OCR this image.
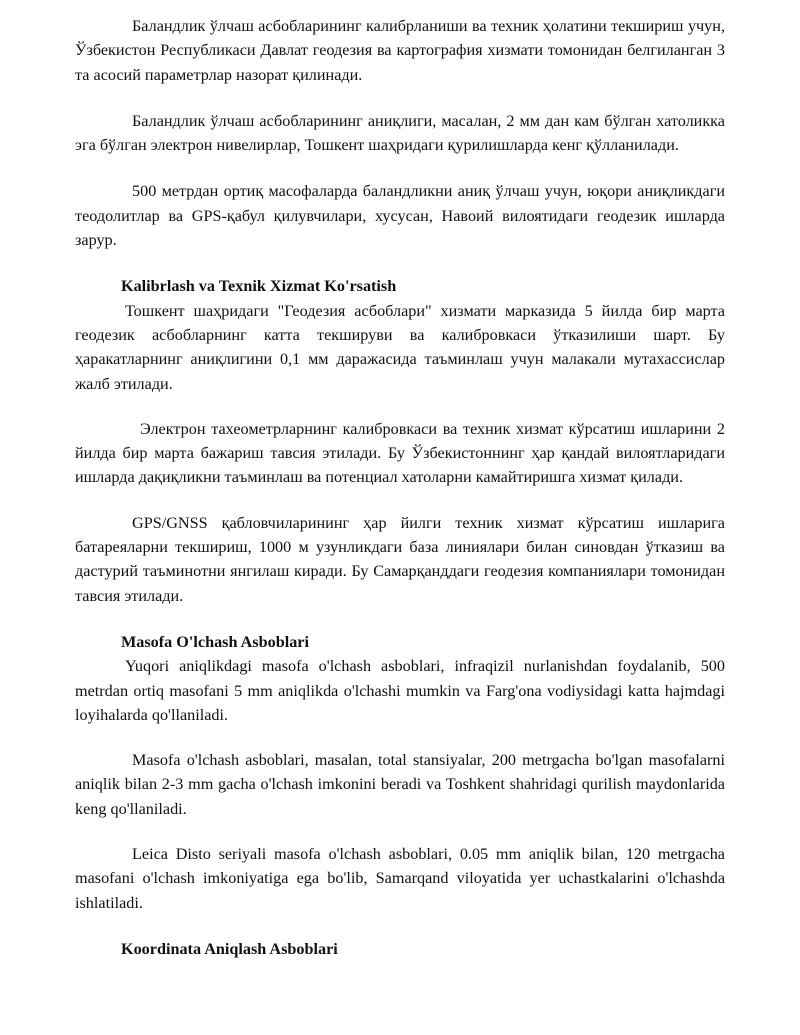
Баландлик ўлчаш асбобларининг калибрланиши ва техник ҳолатини текшириш учун, Ўзбекистон Республикаси Давлат геодезия ва картография хизмати томонидан белгиланган 3 та асосий параметрлар назорат қилинади.

Баландлик ўлчаш асбобларининг аниқлиги, масалан, 2 мм дан кам бўлган хатоликка эга бўлган электрон нивелирлар, Тошкент шаҳридаги қурилишларда кенг қўлланилади.

500 метрдан ортиқ масофаларда баландликни аниқ ўлчаш учун, юқори аниқликдаги теодолитлар ва GPS-қабул қилувчилари, хусусан, Навоий вилоятидаги геодезик ишларда зарур.

Kalibrlash va Texnik Xizmat Ko'rsatish

Тошкент шаҳридаги "Геодезия асбоблари" хизмати марказида 5 йилда бир марта геодезик асбобларнинг катта текшируви ва калибровкаси ўтказилиши шарт. Бу ҳаракатларнинг аниқлигини 0,1 мм даражасида таъминлаш учун малакали мутахассислар жалб этилади.

Электрон тахеометрларнинг калибровкаси ва техник хизмат кўрсатиш ишларини 2 йилда бир марта бажариш тавсия этилади. Бу Ўзбекистоннинг ҳар қандай вилоятларидаги ишларда дақиқликни таъминлаш ва потенциал хатоларни камайтиришга хизмат қилади.

GPS/GNSS қабловчиларининг ҳар йилги техник хизмат кўрсатиш ишларига батареяларни текшириш, 1000 м узунликдаги база линиялари билан синовдан ўтказиш ва дастурий таъминотни янгилаш киради. Бу Самарқанддаги геодезия компаниялари томонидан тавсия этилади.

Masofa O'lchash Asboblari

Yuqori aniqlikdagi masofa o'lchash asboblari, infraqizil nurlanishdan foydalanib, 500 metrdan ortiq masofani 5 mm aniqlikda o'lchashi mumkin va Farg'ona vodiysidagi katta hajmdagi loyihalarda qo'llaniladi.

Masofa o'lchash asboblari, masalan, total stansiyalar, 200 metrgacha bo'lgan masofalarni aniqlik bilan 2-3 mm gacha o'lchash imkonini beradi va Toshkent shahridagi qurilish maydonlarida keng qo'llaniladi.

Leica Disto seriyali masofa o'lchash asboblari, 0.05 mm aniqlik bilan, 120 metrgacha masofani o'lchash imkoniyatiga ega bo'lib, Samarqand viloyatida yer uchastkalarini o'lchashda ishlatiladi.

Koordinata Aniqlash Asboblari
